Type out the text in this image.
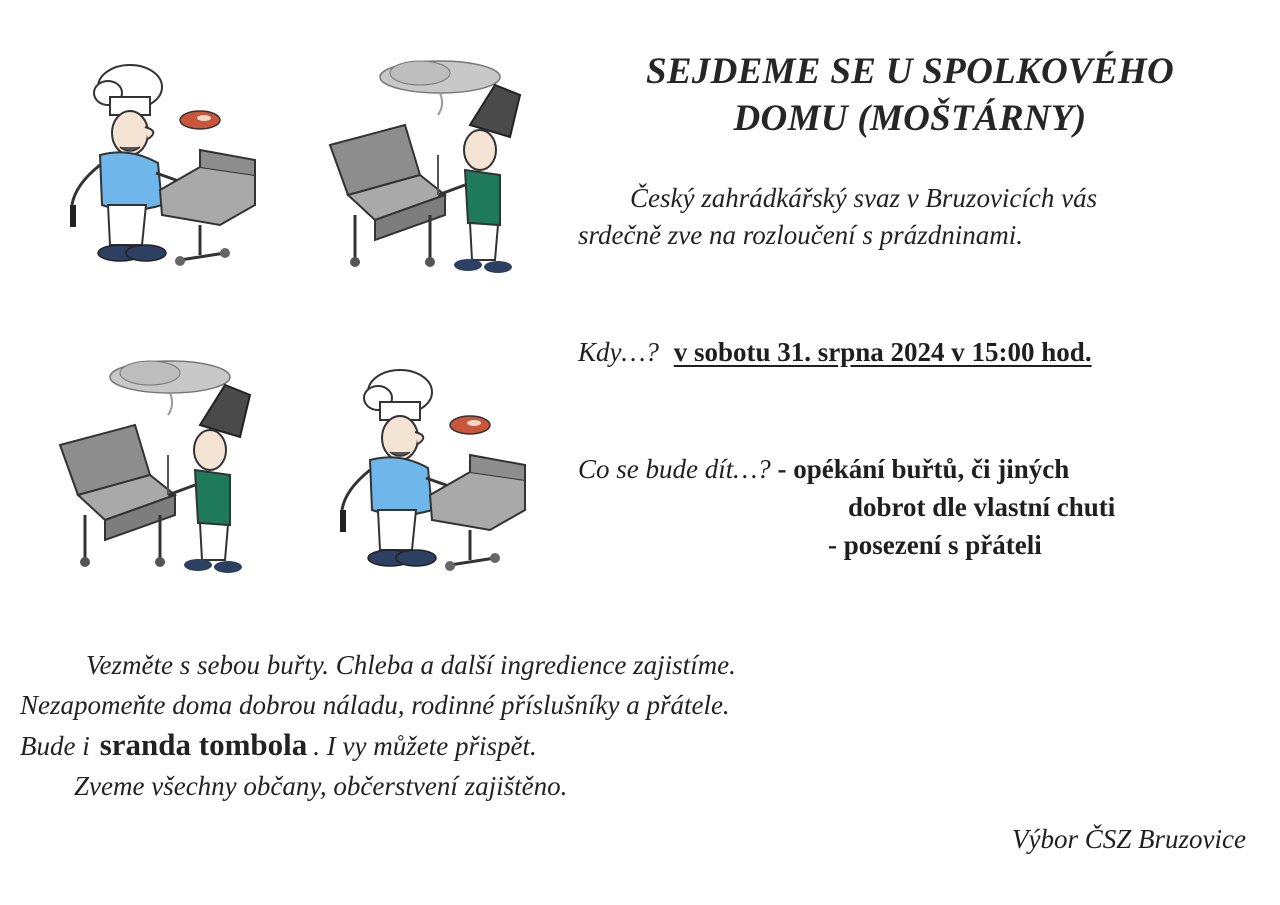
SEJDEME SE U SPOLKOVÉHO
DOMU (MOŠTÁRNY)
Český zahrádkářský svaz v Bruzovicích vás
srdečně zve na rozloučení s prázdninami.
Kdy…? v sobotu 31. srpna 2024 v 15:00 hod.
Co se bude dít…? - opékání buřtů, či jiných
dobrot dle vlastní chuti
- posezení s přáteli
Vezměte s sebou buřty. Chleba a další ingredience zajistíme.
Nezapomeňte doma dobrou náladu, rodinné příslušníky a přátele.
Bude i sranda tombola . I vy můžete přispět.
Zveme všechny občany, občerstvení zajištěno.
Výbor ČSZ Bruzovice
